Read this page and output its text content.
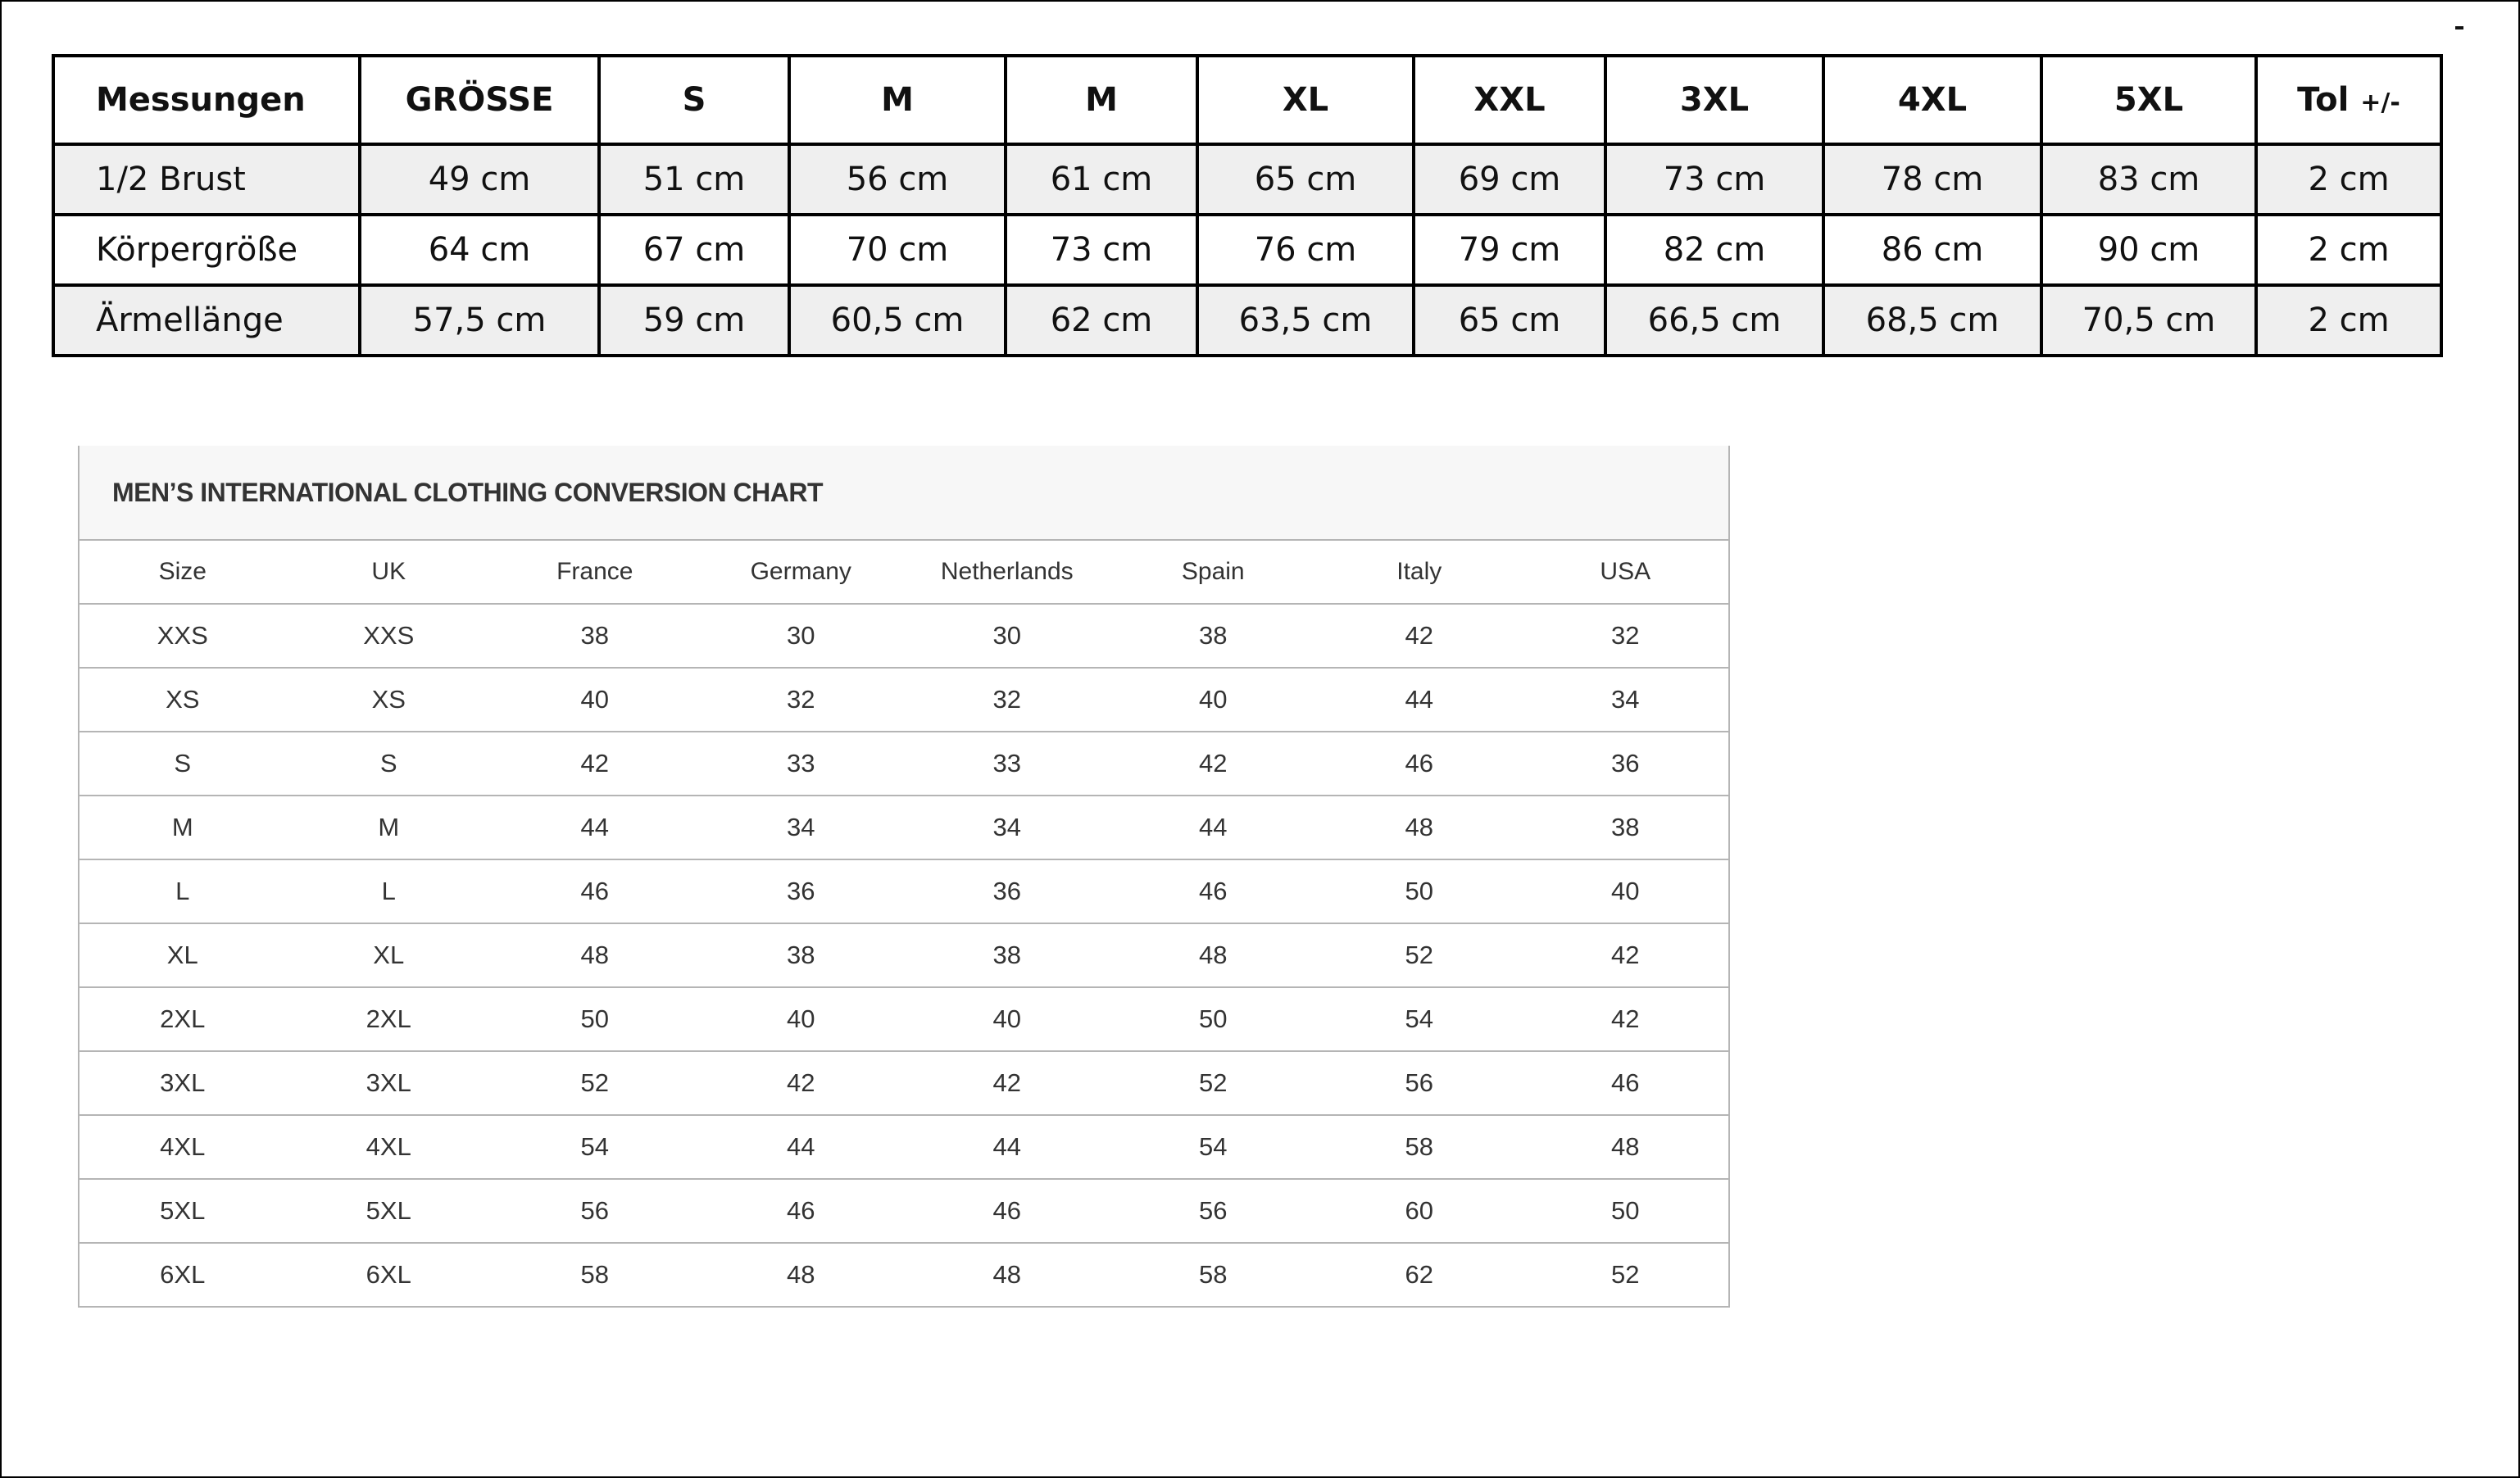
Messungen	GRÖSSE	S	M	M	XL	XXL	3XL	4XL	5XL	Tol +/-
1/2 Brust	49 cm	51 cm	56 cm	61 cm	65 cm	69 cm	73 cm	78 cm	83 cm	2 cm
Körpergröße	64 cm	67 cm	70 cm	73 cm	76 cm	79 cm	82 cm	86 cm	90 cm	2 cm
Ärmellänge	57,5 cm	59 cm	60,5 cm	62 cm	63,5 cm	65 cm	66,5 cm	68,5 cm	70,5 cm	2 cm
MEN’S INTERNATIONAL CLOTHING CONVERSION CHART
Size	UK	France	Germany	Netherlands	Spain	Italy	USA
XXS	XXS	38	30	30	38	42	32
XS	XS	40	32	32	40	44	34
S	S	42	33	33	42	46	36
M	M	44	34	34	44	48	38
L	L	46	36	36	46	50	40
XL	XL	48	38	38	48	52	42
2XL	2XL	50	40	40	50	54	42
3XL	3XL	52	42	42	52	56	46
4XL	4XL	54	44	44	54	58	48
5XL	5XL	56	46	46	56	60	50
6XL	6XL	58	48	48	58	62	52
